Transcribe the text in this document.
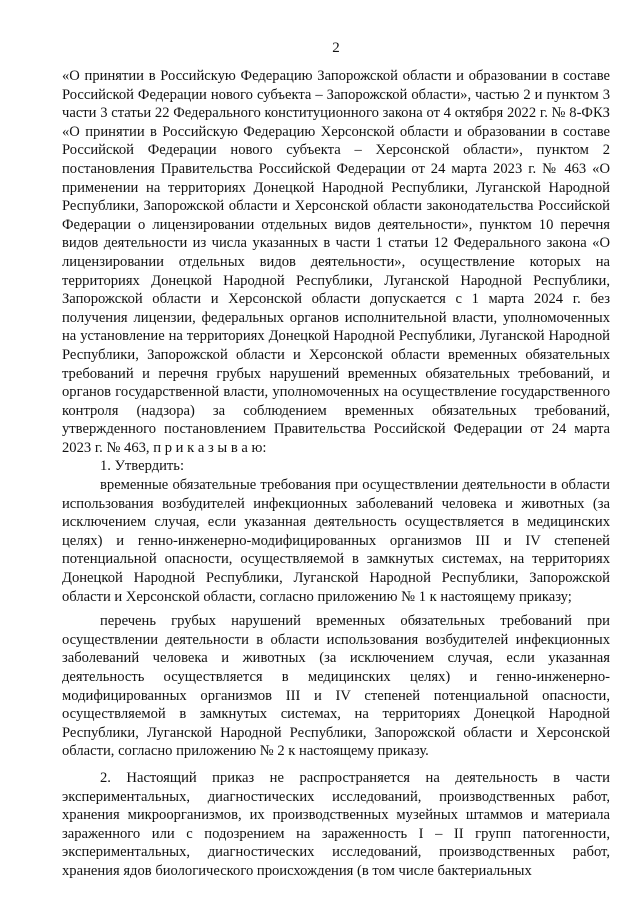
2

«О принятии в Российскую Федерацию Запорожской области и образовании в составе Российской Федерации нового субъекта – Запорожской области», частью 2 и пунктом 3 части 3 статьи 22 Федерального конституционного закона от 4 октября 2022 г. № 8-ФКЗ «О принятии в Российскую Федерацию Херсонской области и образовании в составе Российской Федерации нового субъекта – Херсонской области», пунктом 2 постановления Правительства Российской Федерации от 24 марта 2023 г. № 463 «О применении на территориях Донецкой Народной Республики, Луганской Народной Республики, Запорожской области и Херсонской области законодательства Российской Федерации о лицензировании отдельных видов деятельности», пунктом 10 перечня видов деятельности из числа указанных в части 1 статьи 12 Федерального закона «О лицензировании отдельных видов деятельности», осуществление которых на территориях Донецкой Народной Республики, Луганской Народной Республики, Запорожской области и Херсонской области допускается с 1 марта 2024 г. без получения лицензии, федеральных органов исполнительной власти, уполномоченных на установление на территориях Донецкой Народной Республики, Луганской Народной Республики, Запорожской области и Херсонской области временных обязательных требований и перечня грубых нарушений временных обязательных требований, и органов государственной власти, уполномоченных на осуществление государственного контроля (надзора) за соблюдением временных обязательных требований, утвержденного постановлением Правительства Российской Федерации от 24 марта 2023 г. № 463, п р и к а з ы в а ю:

1. Утвердить:

временные обязательные требования при осуществлении деятельности в области использования возбудителей инфекционных заболеваний человека и животных (за исключением случая, если указанная деятельность осуществляется в медицинских целях) и генно-инженерно-модифицированных организмов III и IV степеней потенциальной опасности, осуществляемой в замкнутых системах, на территориях Донецкой Народной Республики, Луганской Народной Республики, Запорожской области и Херсонской области, согласно приложению № 1 к настоящему приказу;

перечень грубых нарушений временных обязательных требований при осуществлении деятельности в области использования возбудителей инфекционных заболеваний человека и животных (за исключением случая, если указанная деятельность осуществляется в медицинских целях) и генно-инженерно-модифицированных организмов III и IV степеней потенциальной опасности, осуществляемой в замкнутых системах, на территориях Донецкой Народной Республики, Луганской Народной Республики, Запорожской области и Херсонской области, согласно приложению № 2 к настоящему приказу.

2. Настоящий приказ не распространяется на деятельность в части экспериментальных, диагностических исследований, производственных работ, хранения микроорганизмов, их производственных музейных штаммов и материала зараженного или с подозрением на зараженность I – II групп патогенности, экспериментальных, диагностических исследований, производственных работ, хранения ядов биологического происхождения (в том числе бактериальных
